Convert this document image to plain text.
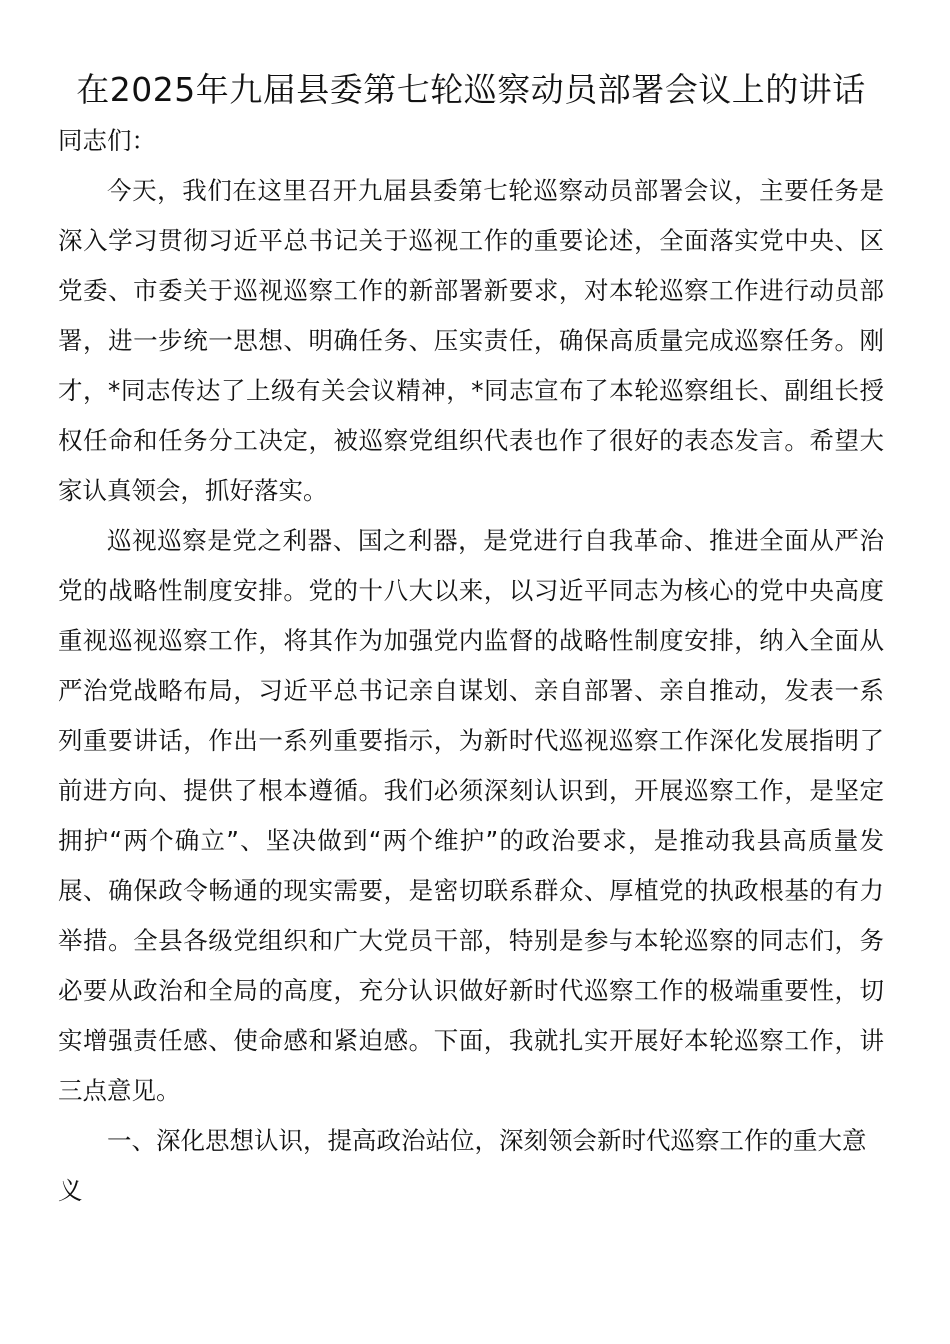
在2025年九届县委第七轮巡察动员部署会议上的讲话

同志们：

今天，我们在这里召开九届县委第七轮巡察动员部署会议，主要任务是深入学习贯彻习近平总书记关于巡视工作的重要论述，全面落实党中央、区党委、市委关于巡视巡察工作的新部署新要求，对本轮巡察工作进行动员部署，进一步统一思想、明确任务、压实责任，确保高质量完成巡察任务。刚才，*同志传达了上级有关会议精神，*同志宣布了本轮巡察组长、副组长授权任命和任务分工决定，被巡察党组织代表也作了很好的表态发言。希望大家认真领会，抓好落实。

巡视巡察是党之利器、国之利器，是党进行自我革命、推进全面从严治党的战略性制度安排。党的十八大以来，以习近平同志为核心的党中央高度重视巡视巡察工作，将其作为加强党内监督的战略性制度安排，纳入全面从严治党战略布局，习近平总书记亲自谋划、亲自部署、亲自推动，发表一系列重要讲话，作出一系列重要指示，为新时代巡视巡察工作深化发展指明了前进方向、提供了根本遵循。我们必须深刻认识到，开展巡察工作，是坚定拥护“两个确立”、坚决做到“两个维护”的政治要求，是推动我县高质量发展、确保政令畅通的现实需要，是密切联系群众、厚植党的执政根基的有力举措。全县各级党组织和广大党员干部，特别是参与本轮巡察的同志们，务必要从政治和全局的高度，充分认识做好新时代巡察工作的极端重要性，切实增强责任感、使命感和紧迫感。下面，我就扎实开展好本轮巡察工作，讲三点意见。

一、深化思想认识，提高政治站位，深刻领会新时代巡察工作的重大意义
